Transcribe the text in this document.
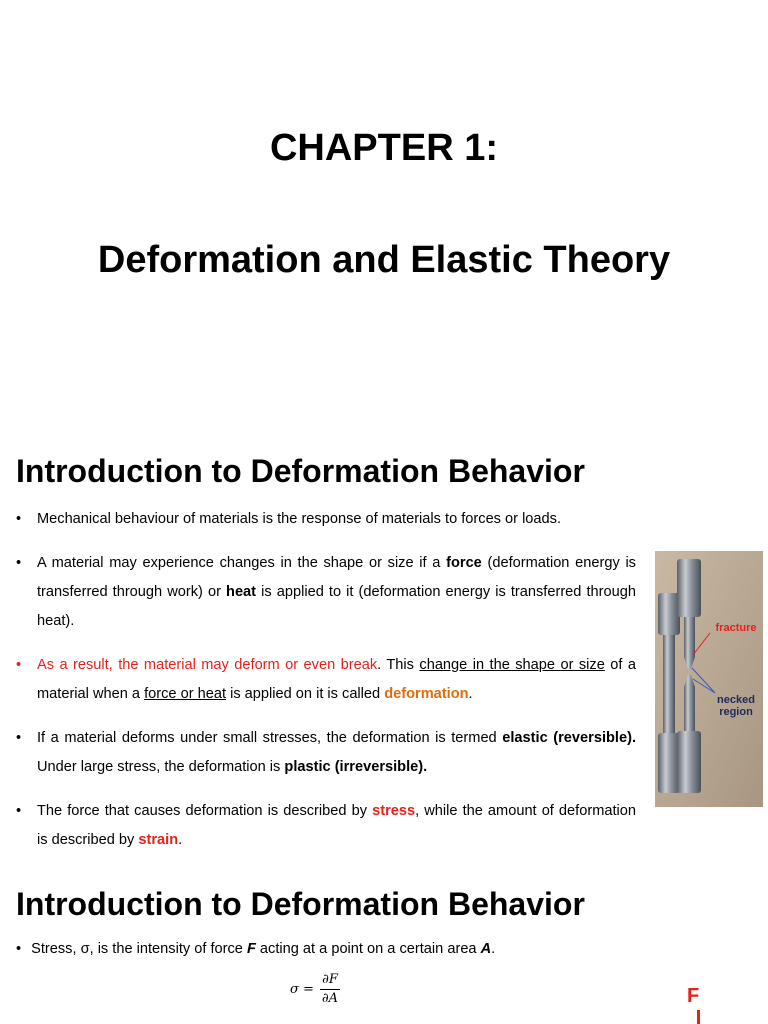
CHAPTER 1:
Deformation and Elastic Theory
Introduction to Deformation Behavior
• Mechanical behaviour of materials is the response of materials to forces or loads.
• A material may experience changes in the shape or size if a force (deformation energy is transferred through work) or heat is applied to it (deformation energy is transferred through heat).
• As a result, the material may deform or even break. This change in the shape or size of a material when a force or heat is applied on it is called deformation.
• If a material deforms under small stresses, the deformation is termed elastic (reversible). Under large stress, the deformation is plastic (irreversible).
• The force that causes deformation is described by stress, while the amount of deformation is described by strain.
fracture
necked
region
Introduction to Deformation Behavior
• Stress, σ, is the intensity of force F acting at a point on a certain area A.
$\sigma = \frac{\partial F}{\partial A}$	F
